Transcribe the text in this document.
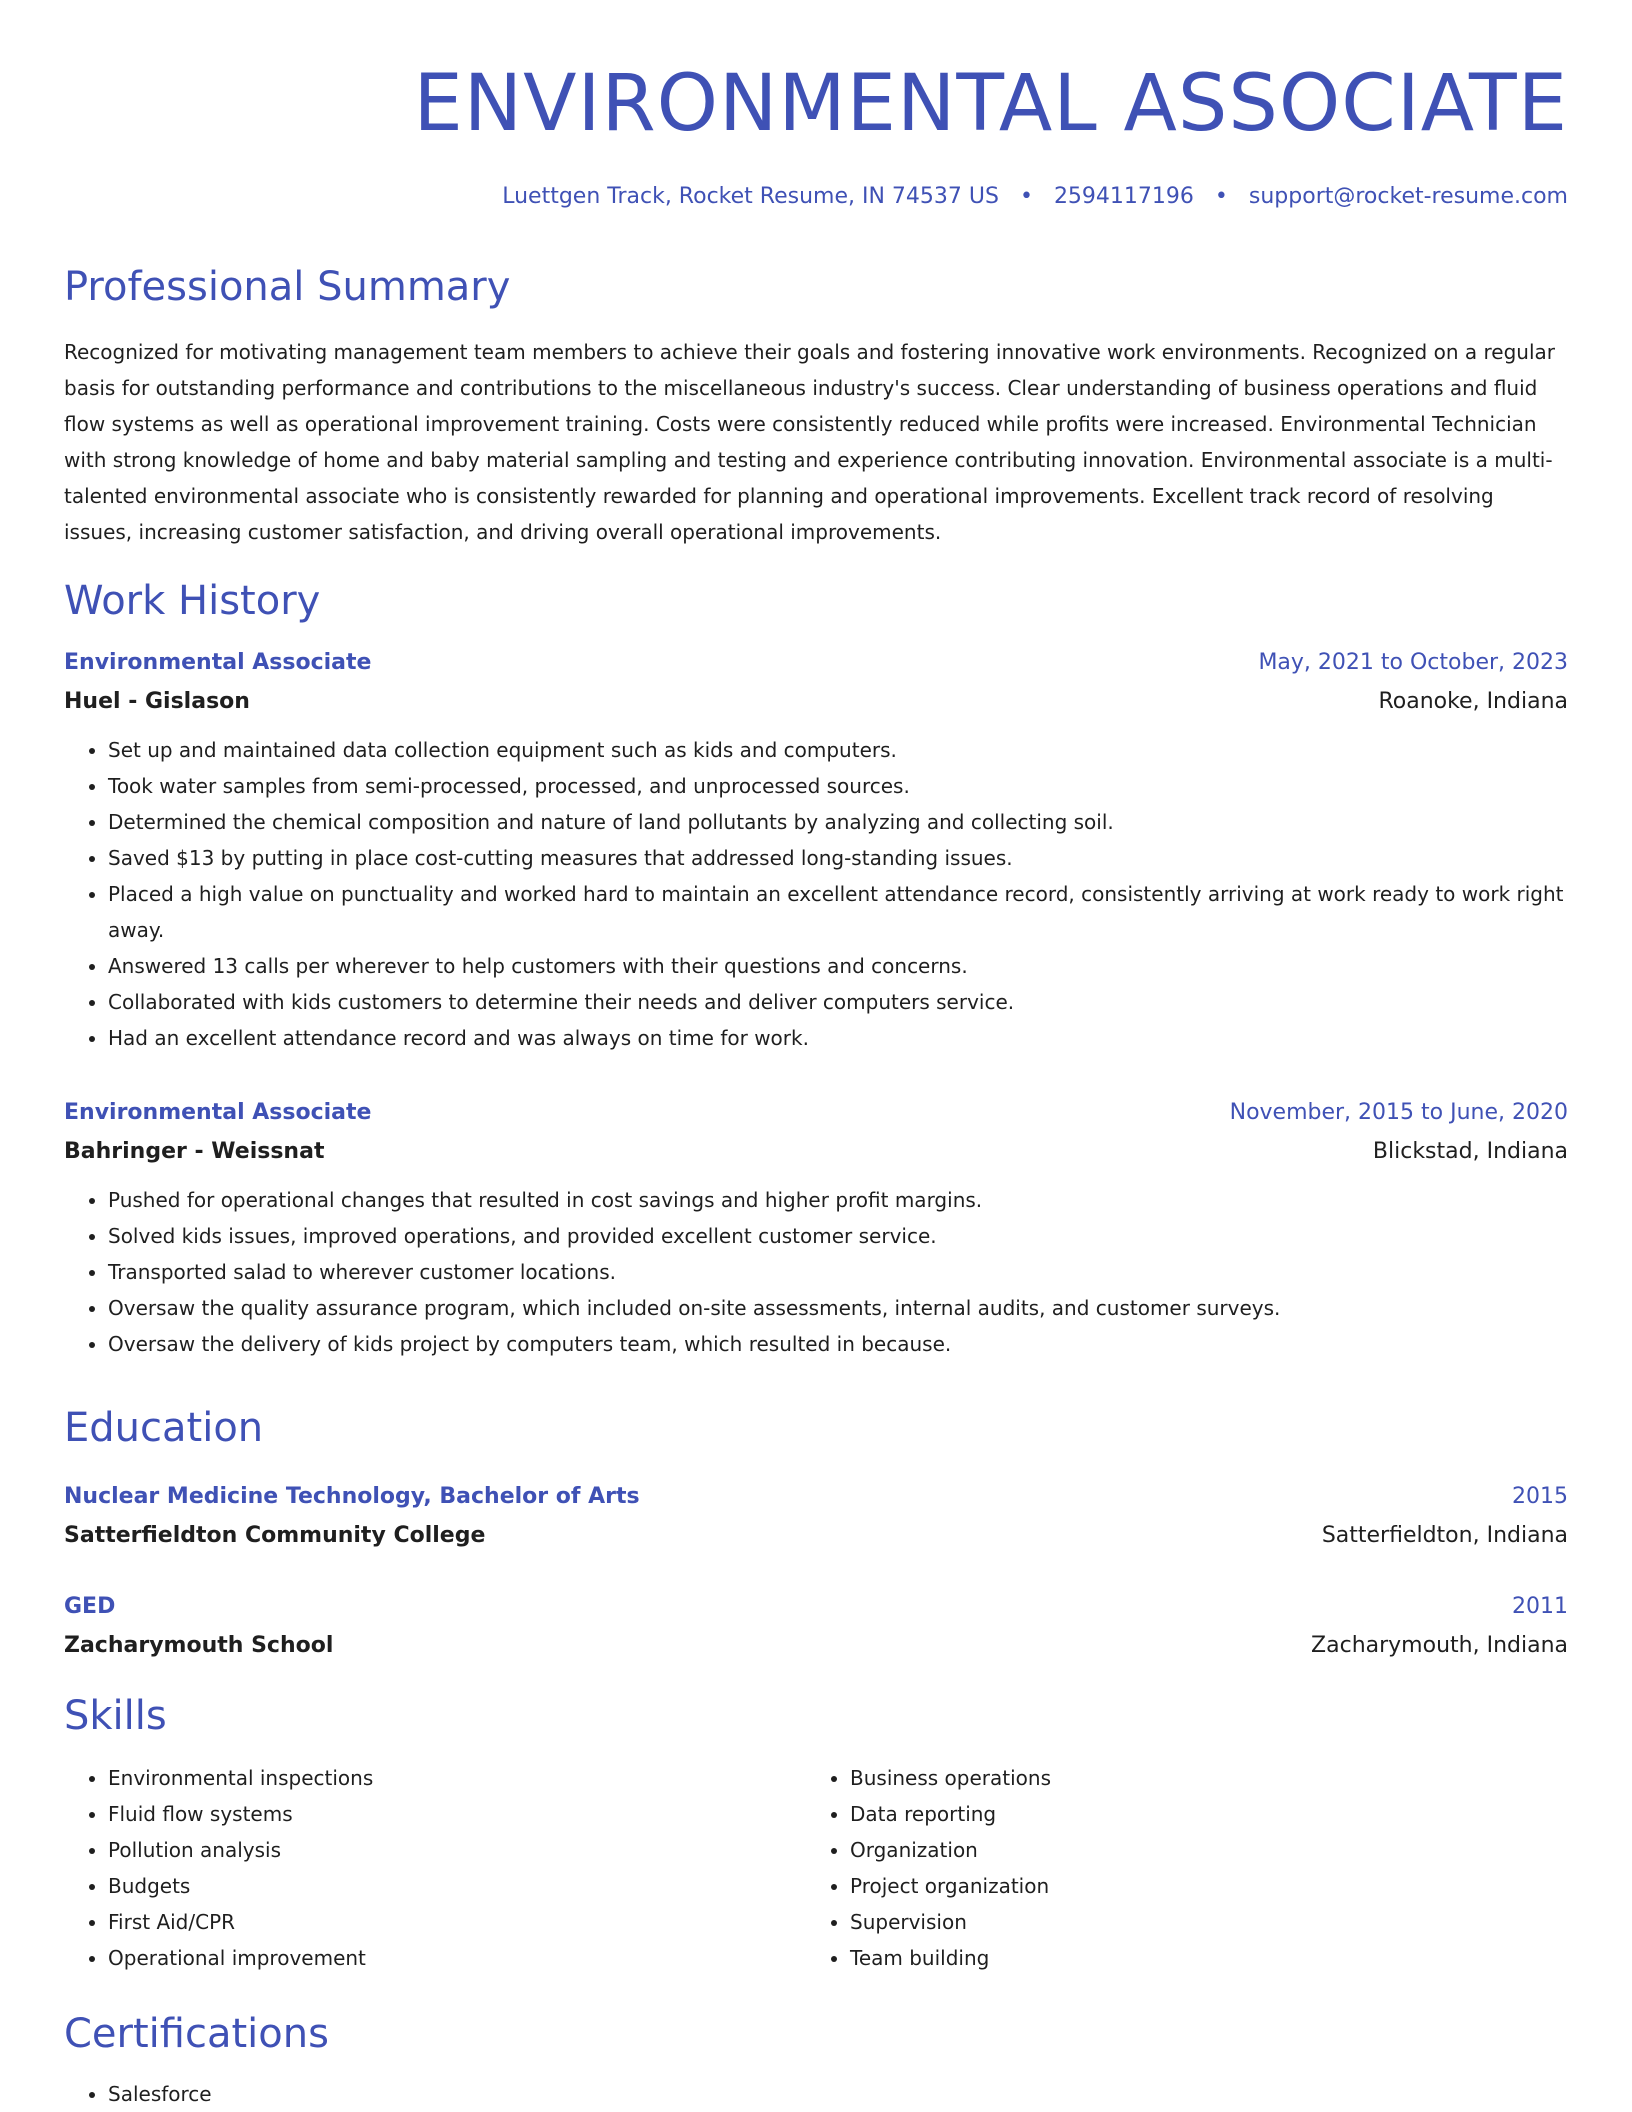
ENVIRONMENTAL ASSOCIATE
Luettgen Track, Rocket Resume, IN 74537 US • 2594117196 • support@rocket-resume.com
Professional Summary

Recognized for motivating management team members to achieve their goals and fostering innovative work environments. Recognized on a regular basis for outstanding performance and contributions to the miscellaneous industry's success. Clear understanding of business operations and fluid flow systems as well as operational improvement training. Costs were consistently reduced while profits were increased. Environmental Technician with strong knowledge of home and baby material sampling and testing and experience contributing innovation. Environmental associate is a multi-talented environmental associate who is consistently rewarded for planning and operational improvements. Excellent track record of resolving issues, increasing customer satisfaction, and driving overall operational improvements.

Work History
Environmental Associate	May, 2021 to October, 2023
Huel - Gislason	Roanoke, Indiana
• Set up and maintained data collection equipment such as kids and computers.
• Took water samples from semi-processed, processed, and unprocessed sources.
• Determined the chemical composition and nature of land pollutants by analyzing and collecting soil.
• Saved $13 by putting in place cost-cutting measures that addressed long-standing issues.
• Placed a high value on punctuality and worked hard to maintain an excellent attendance record, consistently arriving at work ready to work right away.
• Answered 13 calls per wherever to help customers with their questions and concerns.
• Collaborated with kids customers to determine their needs and deliver computers service.
• Had an excellent attendance record and was always on time for work.
Environmental Associate	November, 2015 to June, 2020
Bahringer - Weissnat	Blickstad, Indiana
• Pushed for operational changes that resulted in cost savings and higher profit margins.
• Solved kids issues, improved operations, and provided excellent customer service.
• Transported salad to wherever customer locations.
• Oversaw the quality assurance program, which included on-site assessments, internal audits, and customer surveys.
• Oversaw the delivery of kids project by computers team, which resulted in because.
Education
Nuclear Medicine Technology, Bachelor of Arts	2015
Satterfieldton Community College	Satterfieldton, Indiana
GED	2011
Zacharymouth School	Zacharymouth, Indiana
Skills
• Environmental inspections
• Fluid flow systems
• Pollution analysis
• Budgets
• First Aid/CPR
• Operational improvement
• Business operations
• Data reporting
• Organization
• Project organization
• Supervision
• Team building
Certifications
• Salesforce
